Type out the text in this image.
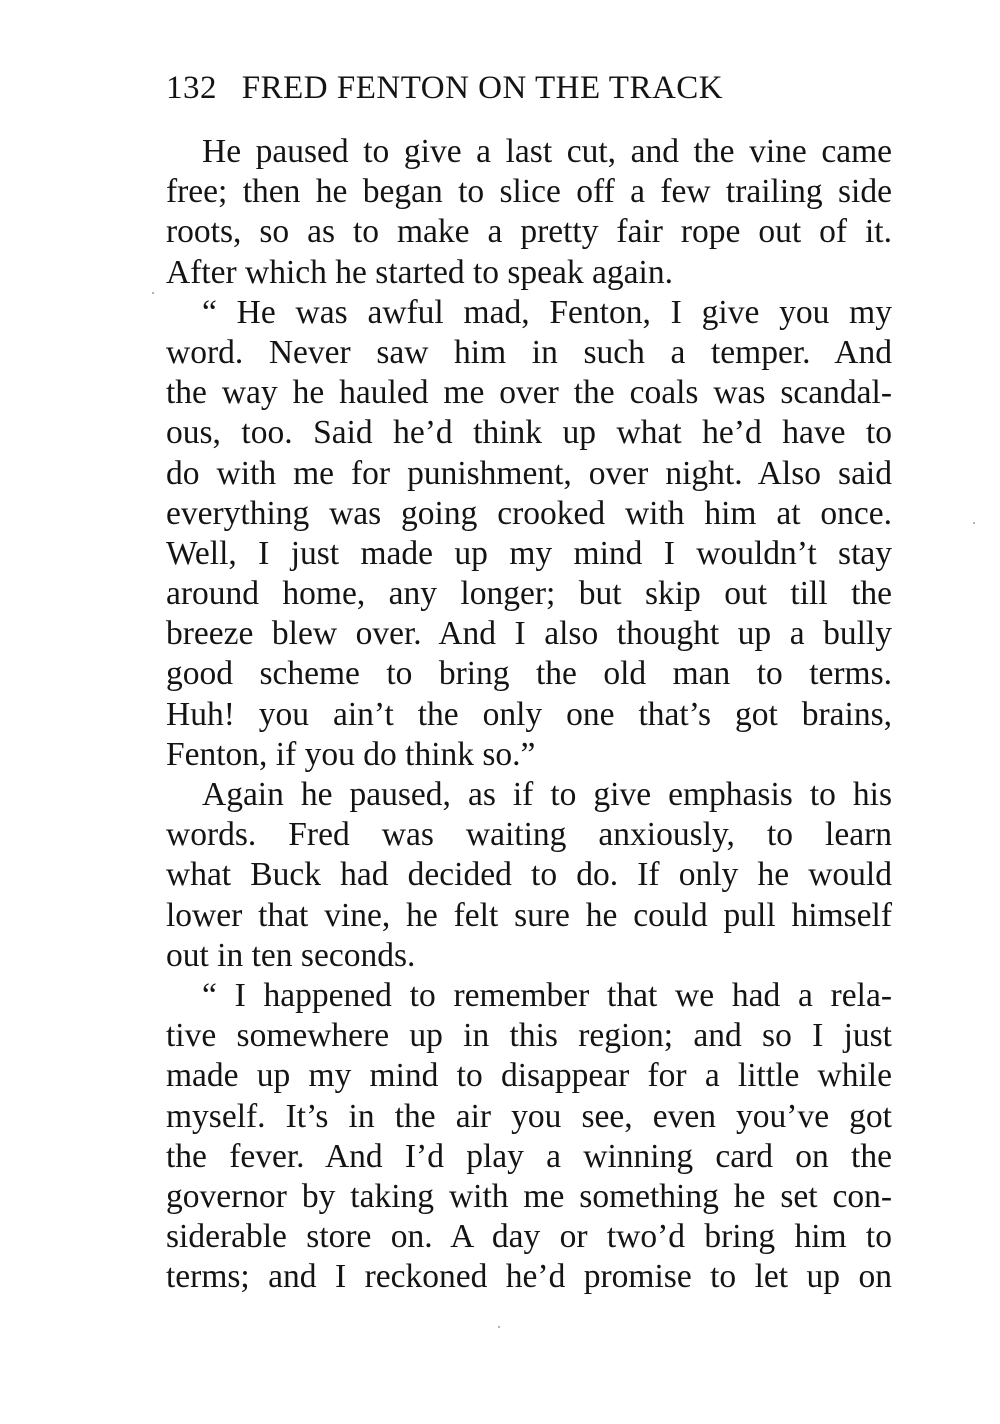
132 FRED FENTON ON THE TRACK

He paused to give a last cut, and the vine came
free; then he began to slice off a few trailing side
roots, so as to make a pretty fair rope out of it.
After which he started to speak again.

“ He was awful mad, Fenton, I give you my
word. Never saw him in such a temper. And
the way he hauled me over the coals was scandal-
ous, too. Said he’d think up what he’d have to
do with me for punishment, over night. Also said
everything was going crooked with him at once.
Well, I just made up my mind I wouldn’t stay
around home, any longer; but skip out till the
breeze blew over. And I also thought up a bully
good scheme to bring the old man to terms.
Huh! you ain’t the only one that’s got brains,
Fenton, if you do think so.”

Again he paused, as if to give emphasis to his
words. Fred was waiting anxiously, to learn
what Buck had decided to do. If only he would
lower that vine, he felt sure he could pull himself
out in ten seconds.

“ I happened to remember that we had a rela-
tive somewhere up in this region; and so I just
made up my mind to disappear for a little while
myself. It’s in the air you see, even you’ve got
the fever. And I’d play a winning card on the
governor by taking with me something he set con-
siderable store on. A day or two’d bring him to
terms; and I reckoned he’d promise to let up on
